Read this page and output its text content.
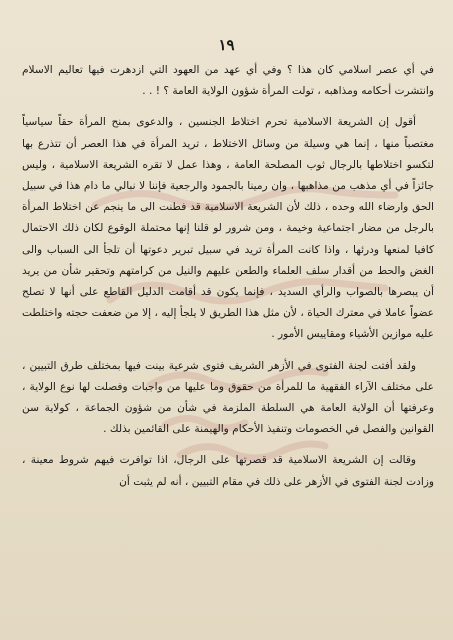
١٩

في أي عصر اسلامي كان هذا ؟ وفي أي عهد من العهود التي ازدهرت فيها تعاليم الاسلام وانتشرت أحكامه ومذاهبه ، تولت المرأة شؤون الولاية العامة ؟ ! . .

أقول إن الشريعة الاسلامية تحرم اختلاط الجنسين ، والدعوى بمنح المرأة حقاً سياسياً مغتصباً منها ، إنما هي وسيلة من وسائل الاختلاط ، تريد المرأة في هذا العصر أن تتذرع بها لتكسو اختلاطها بالرجال ثوب المصلحة العامة ، وهذا عمل لا تقره الشريعة الاسلامية ، وليس جائزاً في أي مذهب من مذاهبها ، وان رمينا بالجمود والرجعية فإننا لا نبالي ما دام هذا في سبيل الحق وارضاء الله وحده ، ذلك لأن الشريعة الاسلامية قد فطنت الى ما ينجم عن اختلاط المرأة بالرجل من مضار اجتماعية وخيمة ، ومن شرور لو قلنا إنها محتملة الوقوع لكان ذلك الاحتمال كافيا لمنعها ودرئها ، واذا كانت المرأة تريد في سبيل تبرير دعوتها أن تلجأ الى السباب والى الغض والحط من أقدار سلف العلماء والطعن عليهم والنيل من كرامتهم وتحقير شأن من يريد أن يبصرها بالصواب والرأي السديد ، فإنما يكون قد أقامت الدليل القاطع على أنها لا تصلح عضواً عاملا في معترك الحياة ، لأن مثل هذا الطريق لا يلجأ إليه ، إلا من ضعفت حجته واختلطت عليه موازين الأشياء ومقاييس الأمور .

ولقد أفتت لجنة الفتوى في الأزهر الشريف فتوى شرعية بينت فيها بمختلف طرق التبيين ، على مختلف الآراء الفقهية ما للمرأة من حقوق وما عليها من واجبات وفصلت لها نوع الولاية ، وعرفتها أن الولاية العامة هي السلطة الملزمة في شأن من شؤون الجماعة ، كولاية سن القوانين والفصل في الخصومات وتنفيذ الأحكام والهيمنة على القائمين بذلك .

وقالت إن الشريعة الاسلامية قد قصرتها على الرجال، اذا توافرت فيهم شروط معينة ، وزادت لجنة الفتوى في الأزهر على ذلك في مقام التبيين ، أنه لم يثبت أن
